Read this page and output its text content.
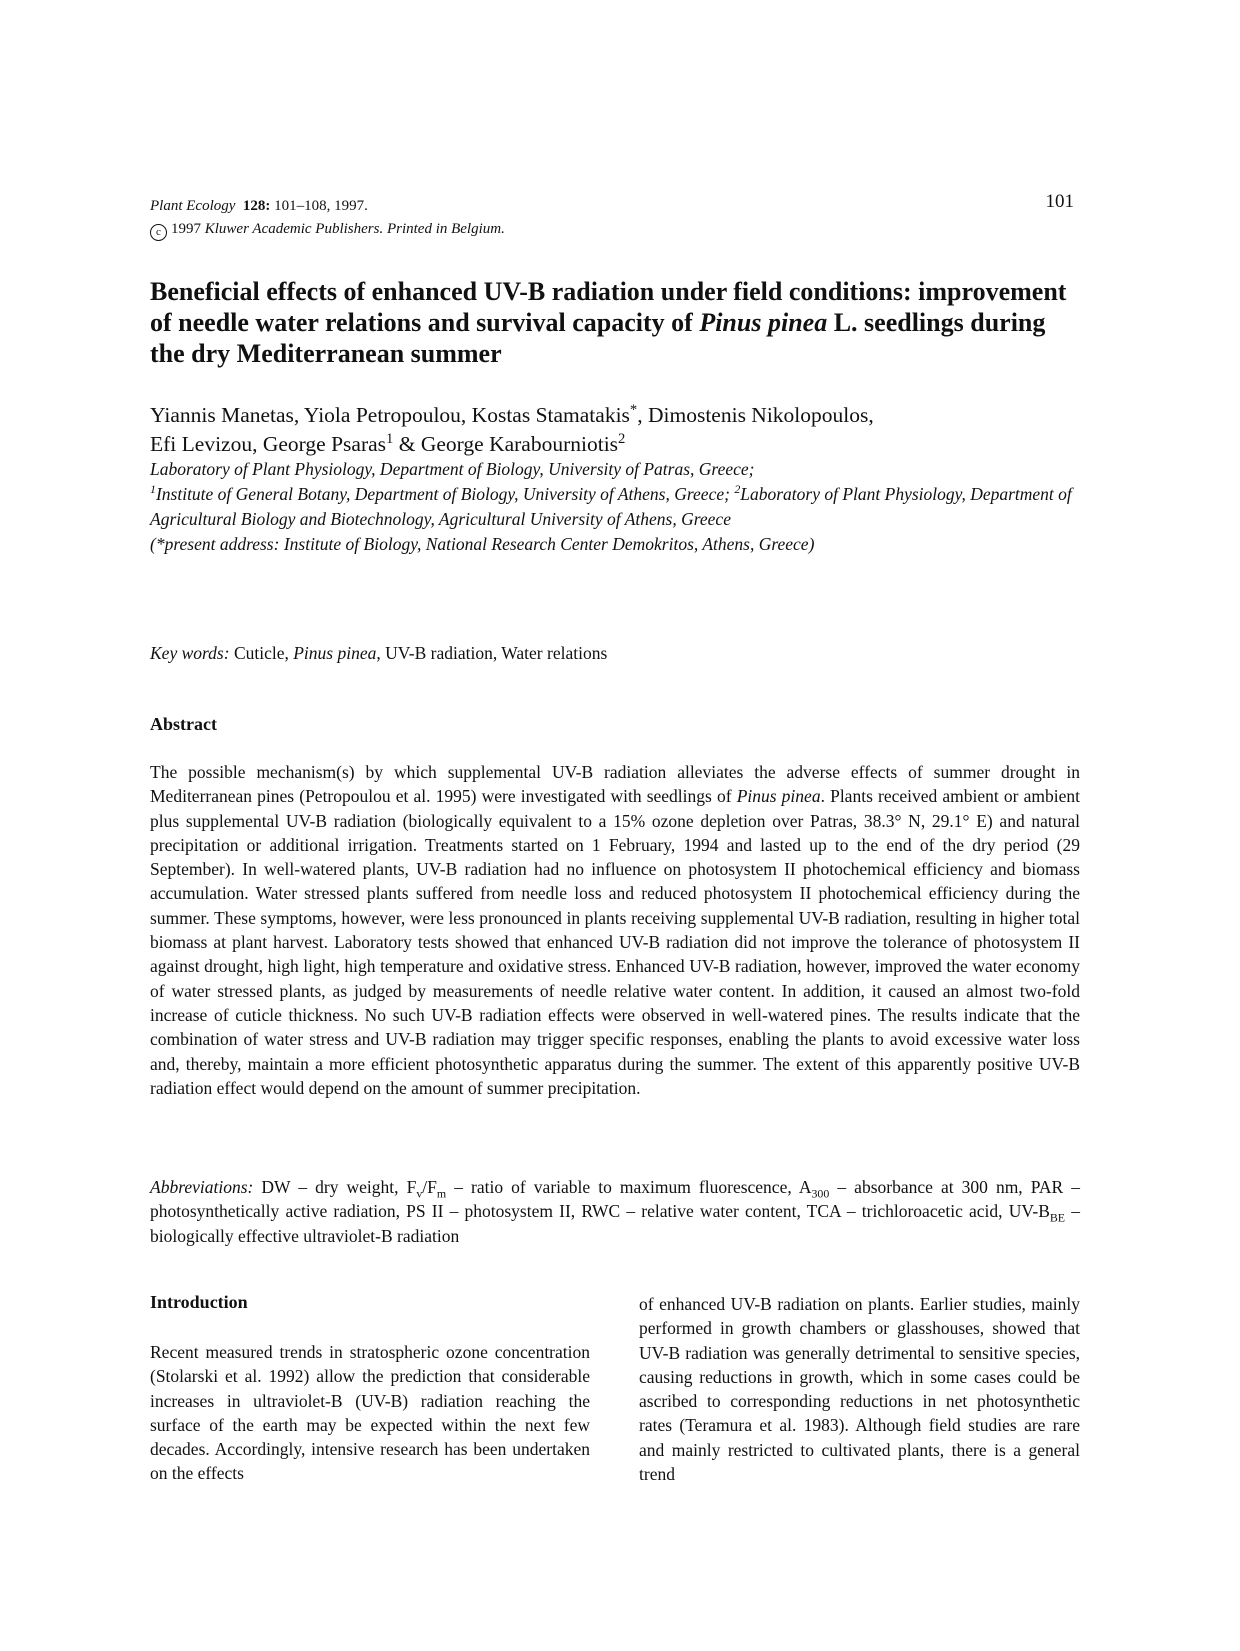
Plant Ecology 128: 101–108, 1997.
c 1997 Kluwer Academic Publishers. Printed in Belgium.
101
Beneficial effects of enhanced UV-B radiation under field conditions: improvement of needle water relations and survival capacity of Pinus pinea L. seedlings during the dry Mediterranean summer
Yiannis Manetas, Yiola Petropoulou, Kostas Stamatakis*, Dimostenis Nikolopoulos,
Efi Levizou, George Psaras$^1$ & George Karabourniotis$^2$
Laboratory of Plant Physiology, Department of Biology, University of Patras, Greece;
$^1$Institute of General Botany, Department of Biology, University of Athens, Greece; $^2$Laboratory of Plant Physiology, Department of Agricultural Biology and Biotechnology, Agricultural University of Athens, Greece
(*present address: Institute of Biology, National Research Center Demokritos, Athens, Greece)
Key words: Cuticle, Pinus pinea, UV-B radiation, Water relations
Abstract
The possible mechanism(s) by which supplemental UV-B radiation alleviates the adverse effects of summer drought in Mediterranean pines (Petropoulou et al. 1995) were investigated with seedlings of Pinus pinea. Plants received ambient or ambient plus supplemental UV-B radiation (biologically equivalent to a 15% ozone depletion over Patras, 38.3° N, 29.1° E) and natural precipitation or additional irrigation. Treatments started on 1 February, 1994 and lasted up to the end of the dry period (29 September). In well-watered plants, UV-B radiation had no influence on photosystem II photochemical efficiency and biomass accumulation. Water stressed plants suffered from needle loss and reduced photosystem II photochemical efficiency during the summer. These symptoms, however, were less pronounced in plants receiving supplemental UV-B radiation, resulting in higher total biomass at plant harvest. Laboratory tests showed that enhanced UV-B radiation did not improve the tolerance of photosystem II against drought, high light, high temperature and oxidative stress. Enhanced UV-B radiation, however, improved the water economy of water stressed plants, as judged by measurements of needle relative water content. In addition, it caused an almost two-fold increase of cuticle thickness. No such UV-B radiation effects were observed in well-watered pines. The results indicate that the combination of water stress and UV-B radiation may trigger specific responses, enabling the plants to avoid excessive water loss and, thereby, maintain a more efficient photosynthetic apparatus during the summer. The extent of this apparently positive UV-B radiation effect would depend on the amount of summer precipitation.
Abbreviations: DW – dry weight, $F_v/F_m$ – ratio of variable to maximum fluorescence, $A_{300}$ – absorbance at 300 nm, PAR – photosynthetically active radiation, PS II – photosystem II, RWC – relative water content, TCA – trichloroacetic acid, $UV-B_{BE}$ – biologically effective ultraviolet-B radiation
Introduction
Recent measured trends in stratospheric ozone concentration (Stolarski et al. 1992) allow the prediction that considerable increases in ultraviolet-B (UV-B) radiation reaching the surface of the earth may be expected within the next few decades. Accordingly, intensive research has been undertaken on the effects
of enhanced UV-B radiation on plants. Earlier studies, mainly performed in growth chambers or glasshouses, showed that UV-B radiation was generally detrimental to sensitive species, causing reductions in growth, which in some cases could be ascribed to corresponding reductions in net photosynthetic rates (Teramura et al. 1983). Although field studies are rare and mainly restricted to cultivated plants, there is a general trend
